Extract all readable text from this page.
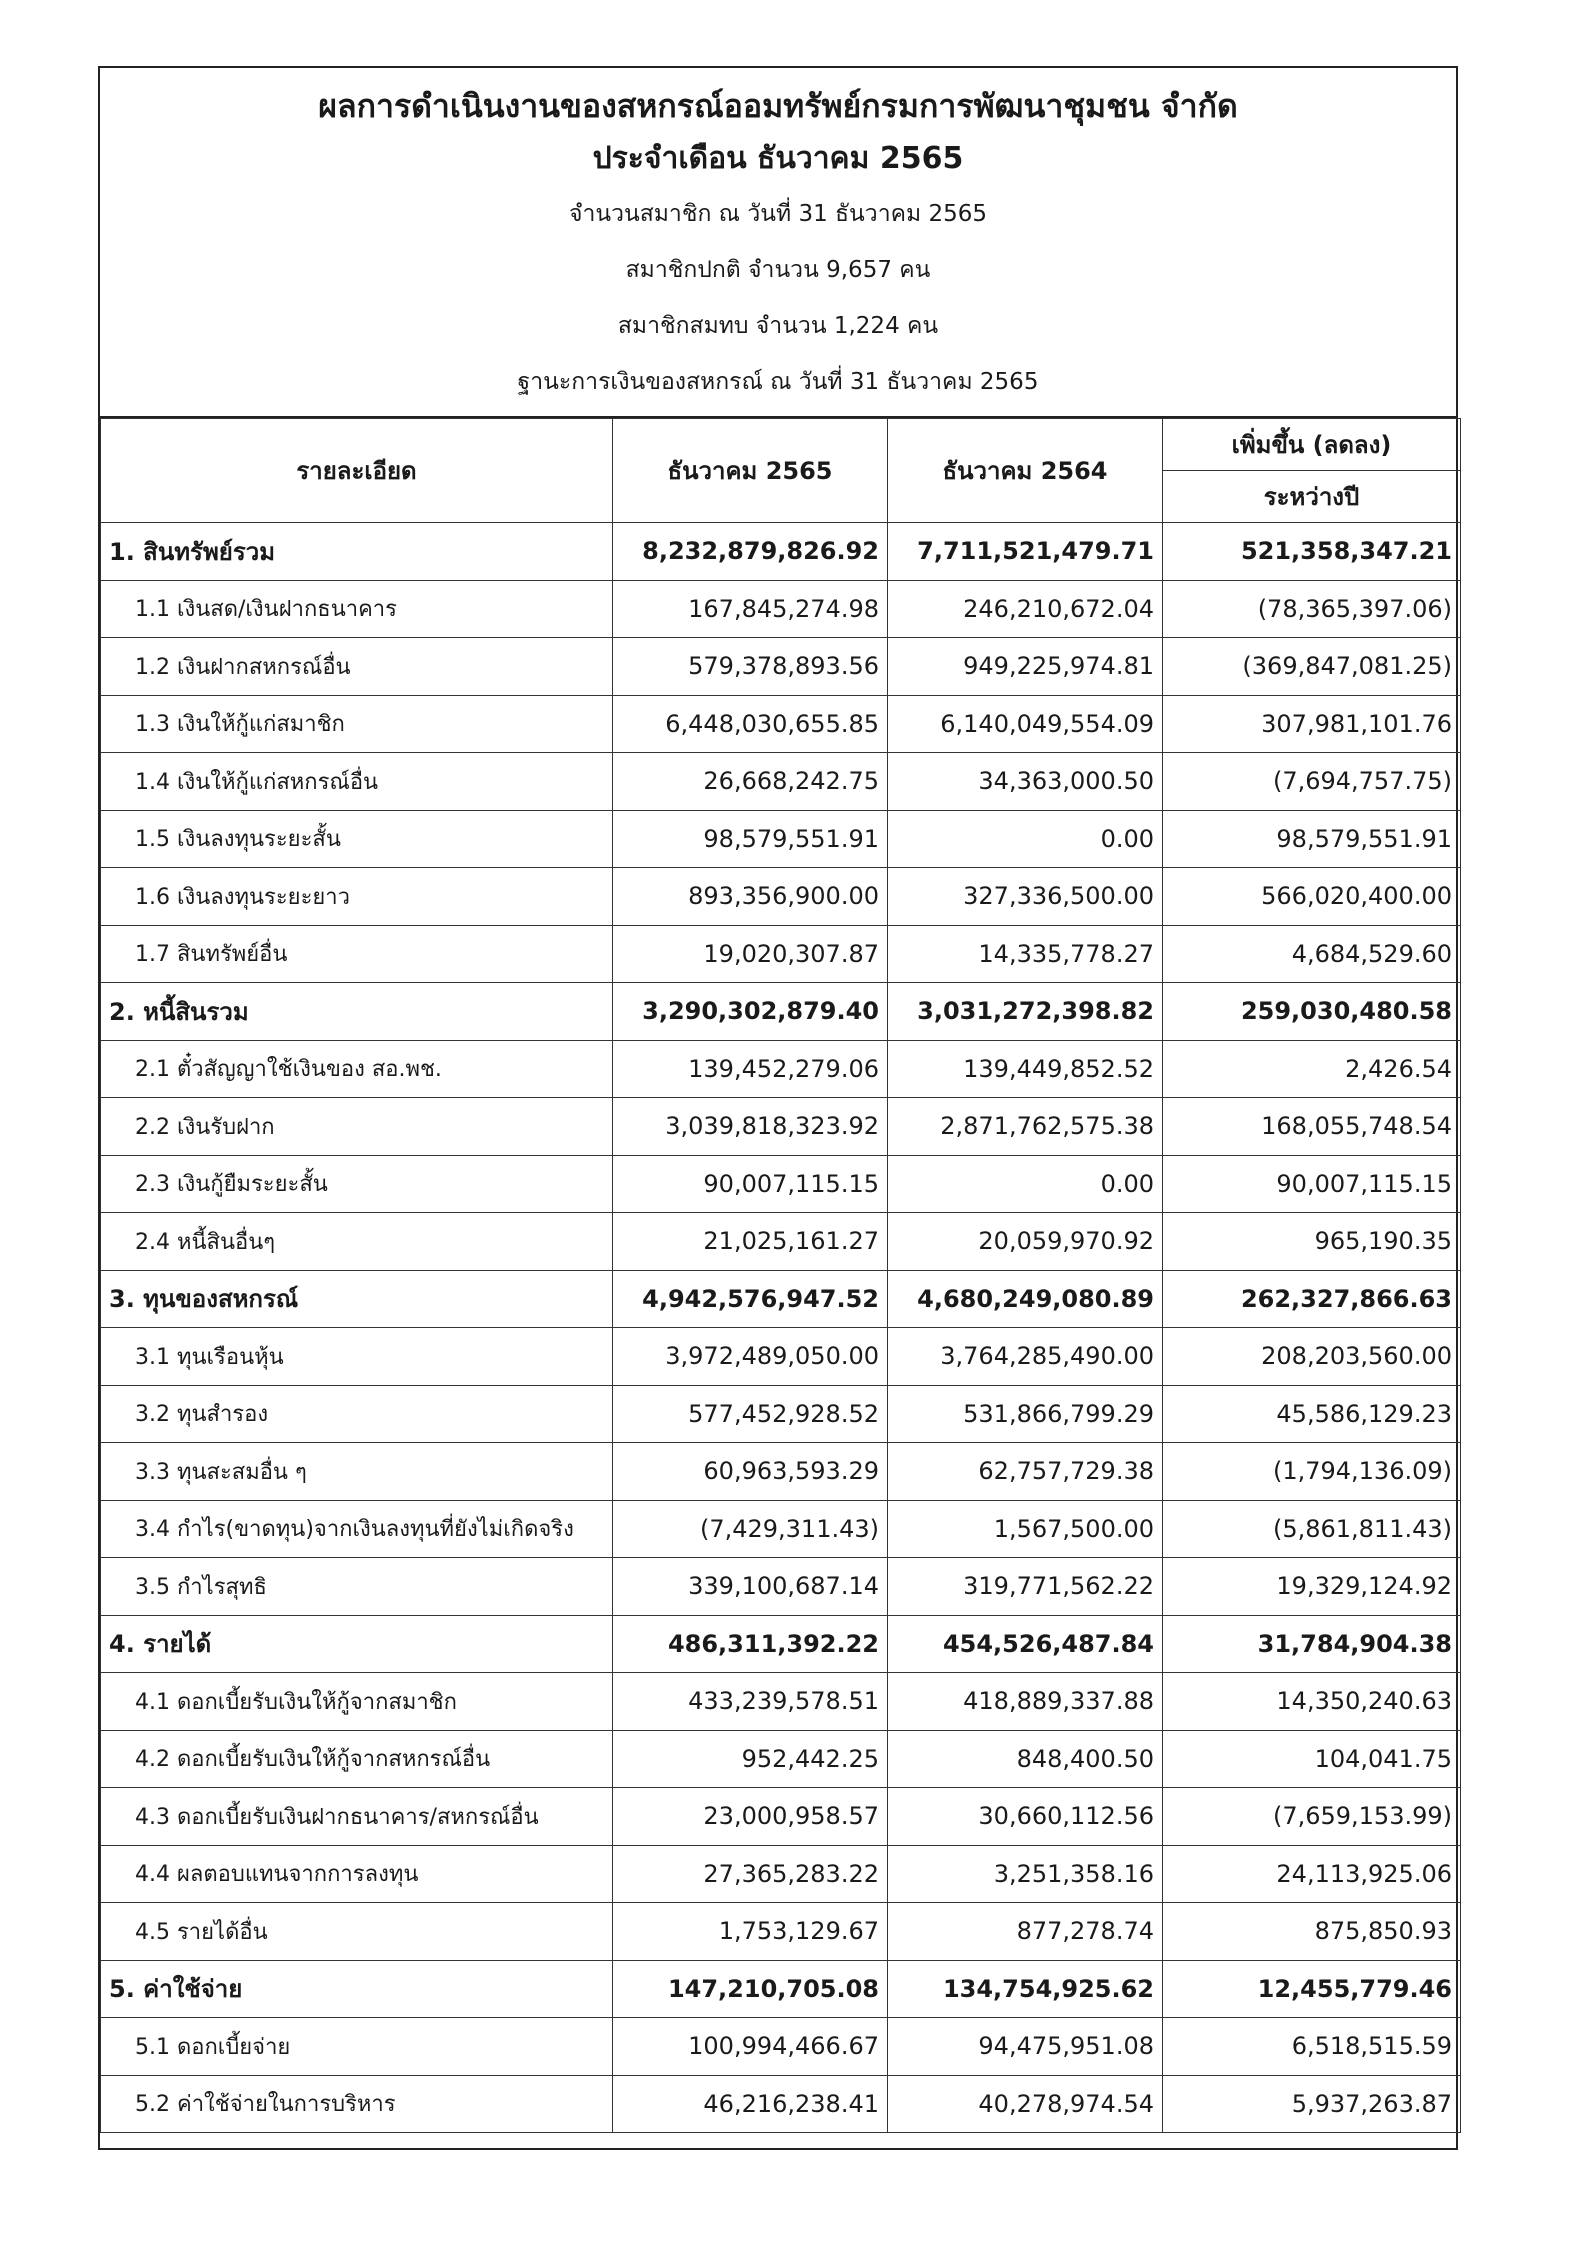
ผลการดำเนินงานของสหกรณ์ออมทรัพย์กรมการพัฒนาชุมชน จำกัด
ประจำเดือน ธันวาคม 2565
จำนวนสมาชิก ณ วันที่ 31 ธันวาคม 2565
สมาชิกปกติ จำนวน 9,657 คน
สมาชิกสมทบ จำนวน 1,224 คน
ฐานะการเงินของสหกรณ์ ณ วันที่ 31 ธันวาคม 2565
รายละเอียด	ธันวาคม 2565	ธันวาคม 2564	เพิ่มขึ้น (ลดลง)
			ระหว่างปี
1. สินทรัพย์รวม	8,232,879,826.92	7,711,521,479.71	521,358,347.21
1.1 เงินสด/เงินฝากธนาคาร	167,845,274.98	246,210,672.04	(78,365,397.06)
1.2 เงินฝากสหกรณ์อื่น	579,378,893.56	949,225,974.81	(369,847,081.25)
1.3 เงินให้กู้แก่สมาชิก	6,448,030,655.85	6,140,049,554.09	307,981,101.76
1.4 เงินให้กู้แก่สหกรณ์อื่น	26,668,242.75	34,363,000.50	(7,694,757.75)
1.5 เงินลงทุนระยะสั้น	98,579,551.91	0.00	98,579,551.91
1.6 เงินลงทุนระยะยาว	893,356,900.00	327,336,500.00	566,020,400.00
1.7 สินทรัพย์อื่น	19,020,307.87	14,335,778.27	4,684,529.60
2. หนี้สินรวม	3,290,302,879.40	3,031,272,398.82	259,030,480.58
2.1 ตั๋วสัญญาใช้เงินของ สอ.พช.	139,452,279.06	139,449,852.52	2,426.54
2.2 เงินรับฝาก	3,039,818,323.92	2,871,762,575.38	168,055,748.54
2.3 เงินกู้ยืมระยะสั้น	90,007,115.15	0.00	90,007,115.15
2.4 หนี้สินอื่นๆ	21,025,161.27	20,059,970.92	965,190.35
3. ทุนของสหกรณ์	4,942,576,947.52	4,680,249,080.89	262,327,866.63
3.1 ทุนเรือนหุ้น	3,972,489,050.00	3,764,285,490.00	208,203,560.00
3.2 ทุนสำรอง	577,452,928.52	531,866,799.29	45,586,129.23
3.3 ทุนสะสมอื่น ๆ	60,963,593.29	62,757,729.38	(1,794,136.09)
3.4 กำไร(ขาดทุน)จากเงินลงทุนที่ยังไม่เกิดจริง	(7,429,311.43)	1,567,500.00	(5,861,811.43)
3.5 กำไรสุทธิ	339,100,687.14	319,771,562.22	19,329,124.92
4. รายได้	486,311,392.22	454,526,487.84	31,784,904.38
4.1 ดอกเบี้ยรับเงินให้กู้จากสมาชิก	433,239,578.51	418,889,337.88	14,350,240.63
4.2 ดอกเบี้ยรับเงินให้กู้จากสหกรณ์อื่น	952,442.25	848,400.50	104,041.75
4.3 ดอกเบี้ยรับเงินฝากธนาคาร/สหกรณ์อื่น	23,000,958.57	30,660,112.56	(7,659,153.99)
4.4 ผลตอบแทนจากการลงทุน	27,365,283.22	3,251,358.16	24,113,925.06
4.5 รายได้อื่น	1,753,129.67	877,278.74	875,850.93
5. ค่าใช้จ่าย	147,210,705.08	134,754,925.62	12,455,779.46
5.1 ดอกเบี้ยจ่าย	100,994,466.67	94,475,951.08	6,518,515.59
5.2 ค่าใช้จ่ายในการบริหาร	46,216,238.41	40,278,974.54	5,937,263.87
